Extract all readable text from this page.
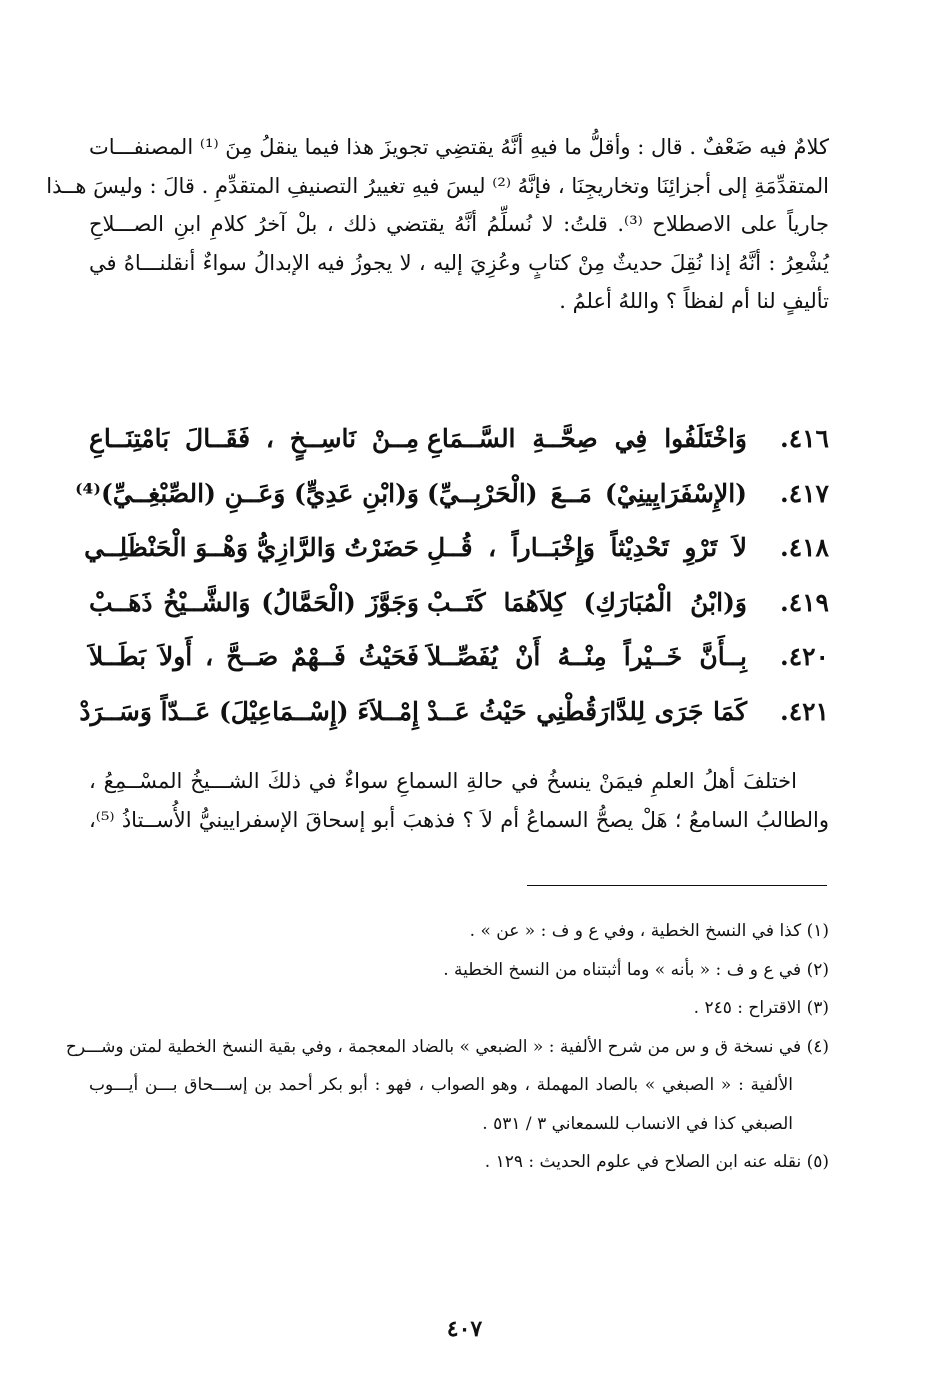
كلامٌ فيه ضَعْفٌ . قال : وأقلُّ ما فيهِ أنَّهُ يقتضِي تجويزَ هذا فيما ينقلُ مِنَ ⁽¹⁾ المصنفـــات
المتقدِّمَةِ إلى أجزائِنَا وتخاريجِنَا ، فإنَّهُ ⁽²⁾ ليسَ فيهِ تغييرُ التصنيفِ المتقدِّمِ . قالَ : وليسَ هــذا
جارياً على الاصطلاح ⁽³⁾. قلتُ: لا نُسلِّمُ أنَّهُ يقتضي ذلك ، بلْ آخرُ كلامِ ابنِ الصـــلاحِ
يُشْعِرُ : أنَّهُ إذا نُقِلَ حديثٌ مِنْ كتابٍ وعُزِيَ إليه ، لا يجوزُ فيه الإبدالُ سواءٌ أنقلنـــاهُ في
تأليفٍ لنا أم لفظاً ؟ واللهُ أعلمُ .
٤١٦.
وَاخْتَلَفُوا فِي صِحَّــةِ السَّــمَاعِ
مِــنْ نَاسِــخٍ ، فَقَــالَ بَامْتِنَــاعِ
٤١٧.
(الإِسْفَرَايِينِيْ) مَــعَ (الْحَرْبِــيِّ)
وَ(ابْنِ عَدِيٍّ) وَعَــنِ (الصِّبْغِــيِّ)⁽⁴⁾
٤١٨.
لاَ تَرْوِ تَحْدِيْثاً وَإِخْبَــاراً ، قُــلِ
حَضَرْتُ وَالرَّازِيُّ وَهْــوَ الْحَنْظَلِــي
٤١٩.
وَ(ابْنُ الْمُبَارَكِ) كِلاَهُمَا كَتَــبْ
وَجَوَّزَ (الْحَمَّالُ) وَالشَّــيْخُ ذَهَــبْ
٤٢٠.
بِــأَنَّ خَــيْراً مِنْــهُ أَنْ يُفَصِّــلاَ
فَحَيْثُ فَــهْمٌ صَــحَّ ، أَولاَ بَطَــلاَ
٤٢١.
كَمَا جَرَى لِلدَّارَقُطْنِي حَيْثُ عَــدْ
إِمْــلاَءَ (إِسْــمَاعِيْلَ) عَــدّاً وَسَــرَدْ
اختلفَ أهلُ العلمِ فيمَنْ ينسخُ في حالةِ السماعِ سواءٌ في ذلكَ الشـــيخُ المسْــمِعُ ،
والطالبُ السامعُ ؛ هَلْ يصحُّ السماعُ أم لاَ ؟ فذهبَ أبو إسحاقَ الإسفرايينيُّ الأُســتاذُ ⁽⁵⁾،
(١) كذا في النسخ الخطية ، وفي ع و ف : « عن » .
(٢) في ع و ف : « بأنه » وما أثبتناه من النسخ الخطية .
(٣) الاقتراح : ٢٤٥ .
(٤) في نسخة ق و س من شرح الألفية : « الضبعي » بالضاد المعجمة ، وفي بقية النسخ الخطية لمتن وشـــرح
الألفية : « الصبغي » بالصاد المهملة ، وهو الصواب ، فهو : أبو بكر أحمد بن إســـحاق بـــن أيـــوب
الصبغي كذا في الانساب للسمعاني ٣ / ٥٣١ .
(٥) نقله عنه ابن الصلاح في علوم الحديث : ١٢٩ .
٤٠٧
